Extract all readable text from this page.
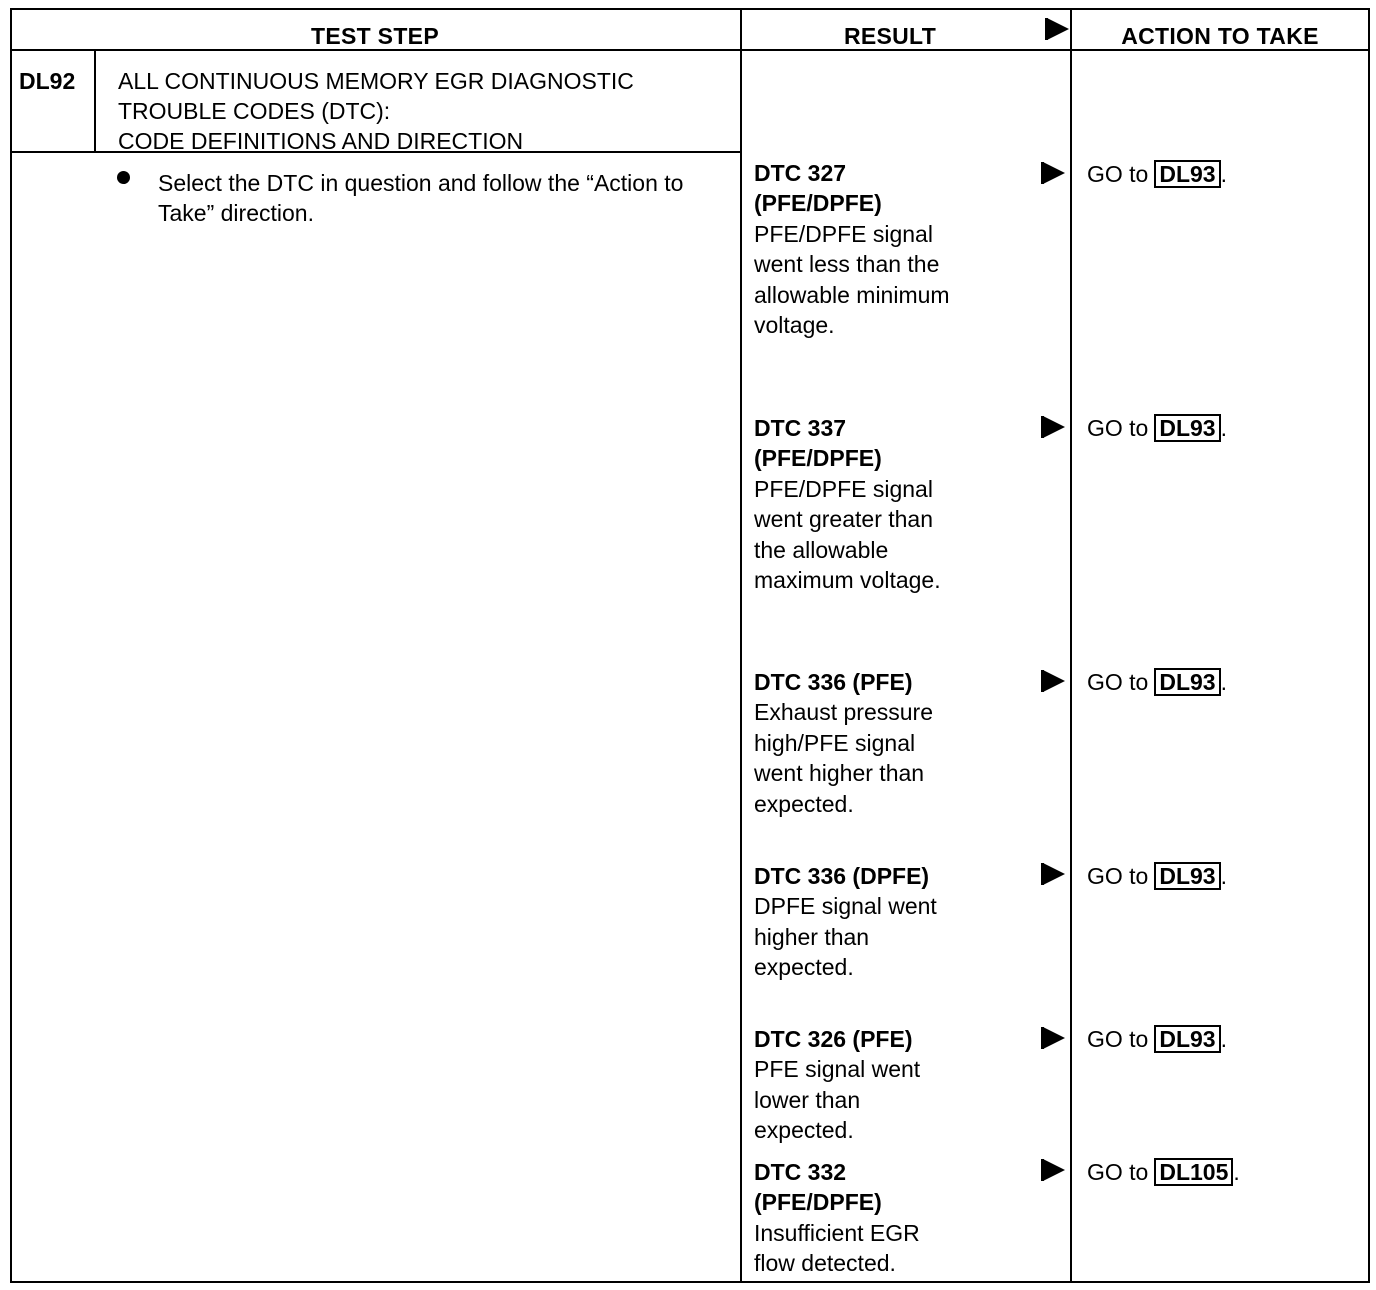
TEST STEP	RESULT	ACTION TO TAKE
DL92 ALL CONTINUOUS MEMORY EGR DIAGNOSTIC
TROUBLE CODES (DTC):
CODE DEFINITIONS AND DIRECTION
Select the DTC in question and follow the “Action to Take” direction.
DTC 327 (PFE/DPFE)
PFE/DPFE signal went less than the allowable minimum voltage.
GO to DL93 .
DTC 337 (PFE/DPFE)
PFE/DPFE signal went greater than the allowable maximum voltage.
GO to DL93 .
DTC 336 (PFE)
Exhaust pressure high/PFE signal went higher than expected.
GO to DL93 .
DTC 336 (DPFE)
DPFE signal went higher than expected.
GO to DL93 .
DTC 326 (PFE)
PFE signal went lower than expected.
GO to DL93 .
DTC 332 (PFE/DPFE)
Insufficient EGR flow detected.
GO to DL105 .
